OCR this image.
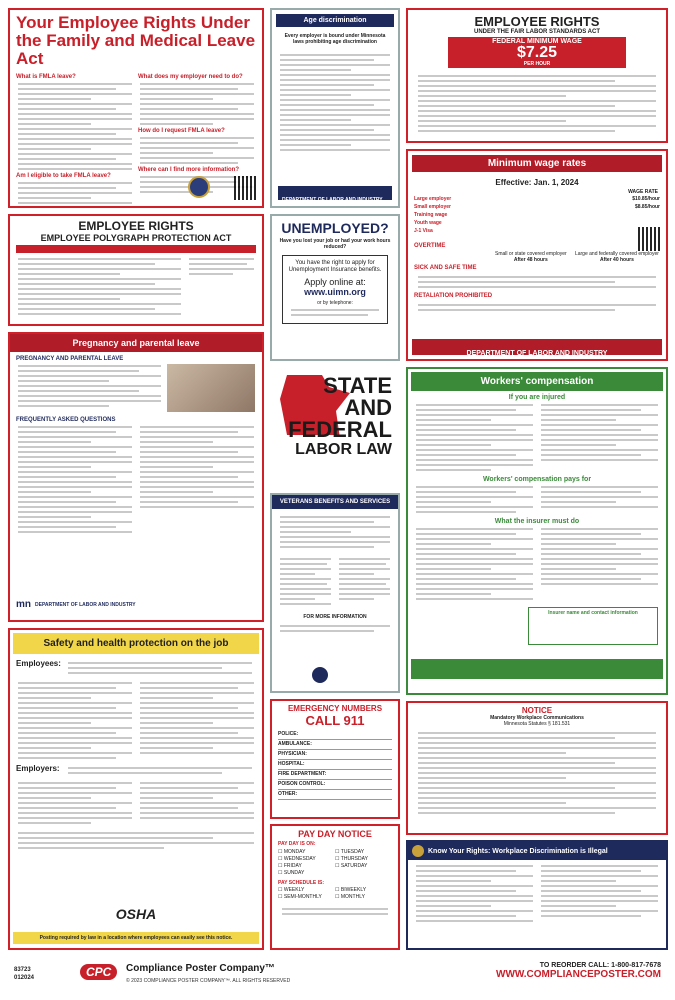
Your Employee Rights Under the Family and Medical Leave Act
What is FMLA leave?
Am I eligible to take FMLA leave?
What does my employer need to do?
How do I request FMLA leave?
Where can I find more information?
Age discrimination
Every employer is bound under Minnesota laws prohibiting age discrimination
DEPARTMENT OF LABOR AND INDUSTRY
EMPLOYEE RIGHTS
UNDER THE FAIR LABOR STANDARDS ACT
FEDERAL MINIMUM WAGE
$7.25
PER HOUR
Minimum wage rates
Effective: Jan. 1, 2024
WAGE RATE
Large employer	$10.85/hour
Small employer	$8.85/hour
Training wage
Youth wage
J-1 Visa
OVERTIME
Small or state covered employer
After 48 hours
Large and federally covered employer
After 40 hours
SICK AND SAFE TIME
RETALIATION PROHIBITED
DEPARTMENT OF LABOR AND INDUSTRY
EMPLOYEE RIGHTS
EMPLOYEE POLYGRAPH PROTECTION ACT
UNEMPLOYED?
Have you lost your job or had your work hours reduced?
You have the right to apply for Unemployment Insurance benefits.
Apply online at:
www.uimn.org
or by telephone:
Pregnancy and parental leave
PREGNANCY AND PARENTAL LEAVE
FREQUENTLY ASKED QUESTIONS
mn DEPARTMENT OF LABOR AND INDUSTRY
STATE
AND
FEDERAL
LABOR LAW
Workers' compensation
If you are injured
Workers' compensation pays for
What the insurer must do
Insurer name and contact information
VETERANS BENEFITS AND SERVICES
FOR MORE INFORMATION
Safety and health protection on the job
Employees:
Employers:
OSHA
Posting required by law in a location where employees can easily see this notice.
EMERGENCY NUMBERS
CALL 911
POLICE:
AMBULANCE:
PHYSICIAN:
HOSPITAL:
FIRE DEPARTMENT:
POISON CONTROL:
OTHER:
PAY DAY NOTICE
PAY DAY IS ON:
☐ MONDAY	☐ TUESDAY
☐ WEDNESDAY	☐ THURSDAY
☐ FRIDAY	☐ SATURDAY
☐ SUNDAY
PAY SCHEDULE IS:
☐ WEEKLY	☐ BIWEEKLY
☐ SEMI-MONTHLY	☐ MONTHLY
NOTICE
Mandatory Workplace Communications
Minnesota Statutes § 181.531
Know Your Rights: Workplace Discrimination is Illegal
83723
012024	CPC	Compliance Poster Company™
© 2023 COMPLIANCE POSTER COMPANY™. ALL RIGHTS RESERVED
TO REORDER CALL: 1-800-817-7678
WWW.COMPLIANCEPOSTER.COM
